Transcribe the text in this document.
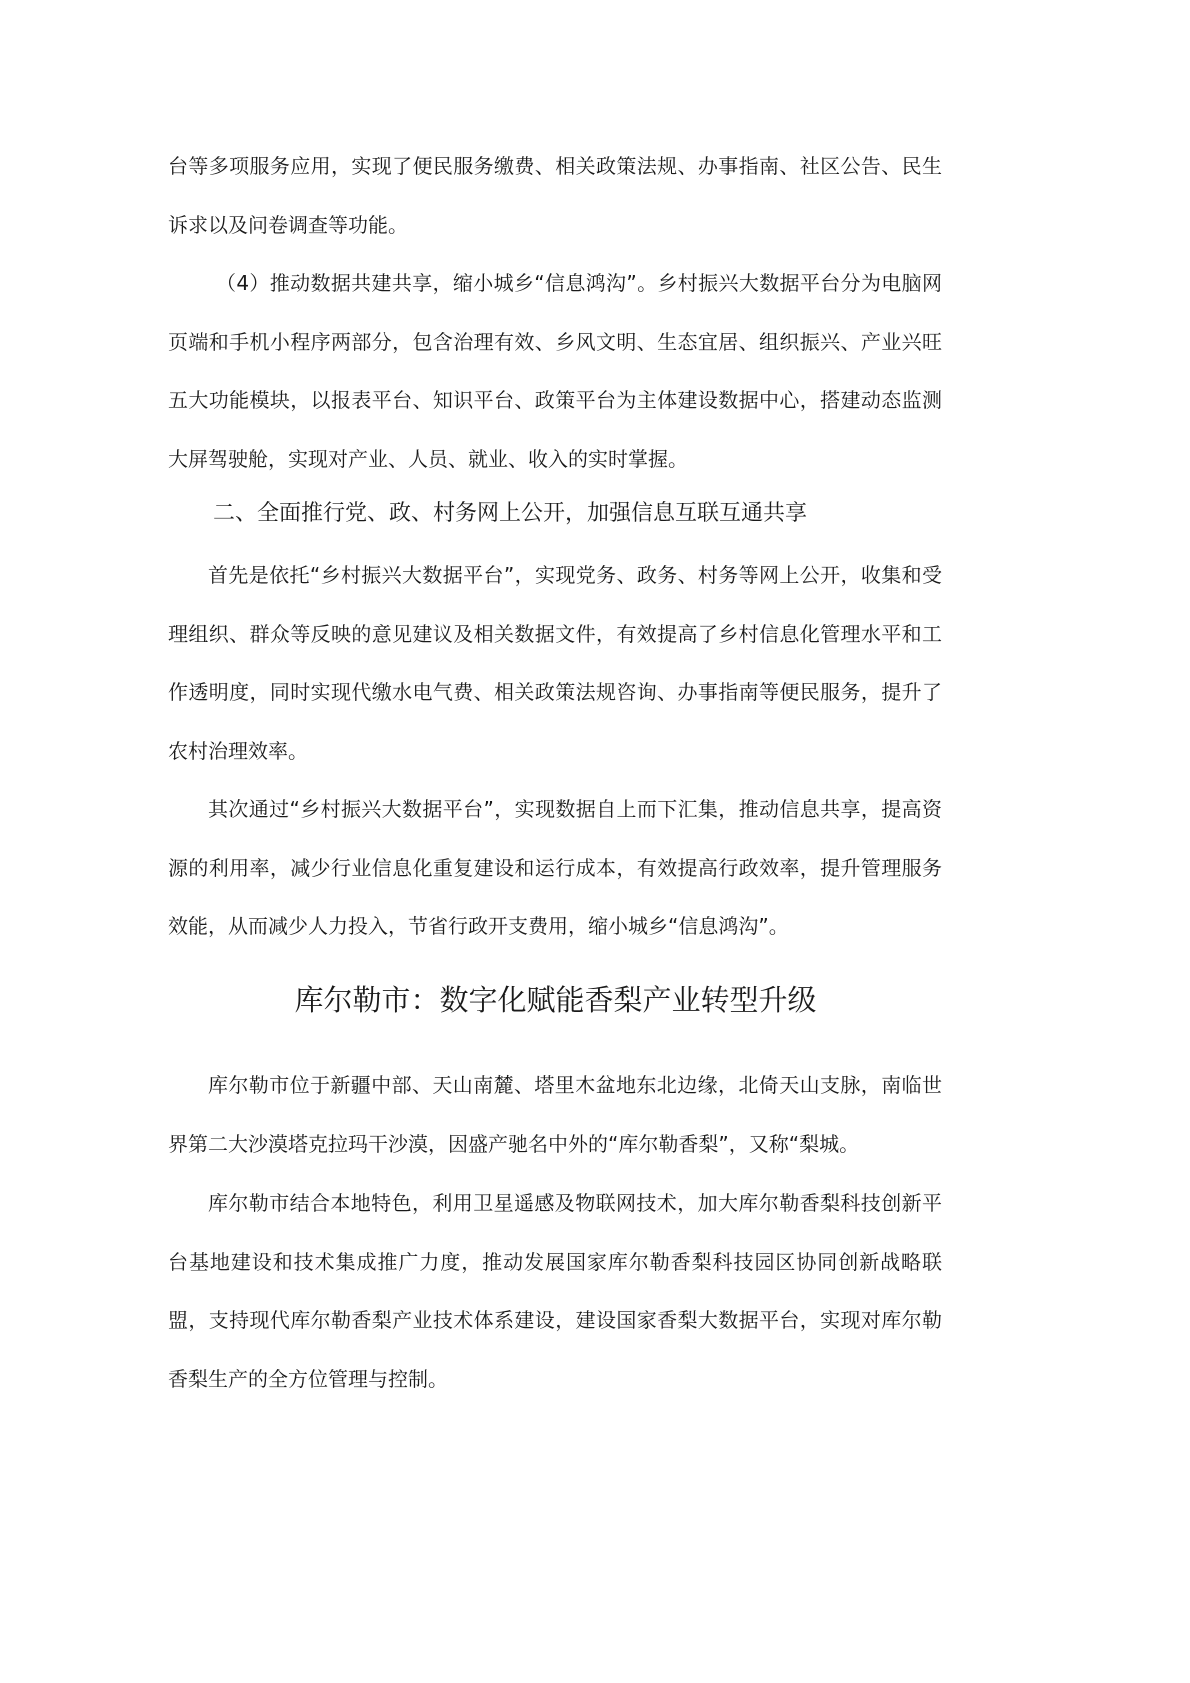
台等多项服务应用，实现了便民服务缴费、相关政策法规、办事指南、社区公告、民生诉求以及问卷调查等功能。

（4）推动数据共建共享，缩小城乡“信息鸿沟”。乡村振兴大数据平台分为电脑网页端和手机小程序两部分，包含治理有效、乡风文明、生态宜居、组织振兴、产业兴旺五大功能模块，以报表平台、知识平台、政策平台为主体建设数据中心，搭建动态监测大屏驾驶舱，实现对产业、人员、就业、收入的实时掌握。

二、全面推行党、政、村务网上公开，加强信息互联互通共享

首先是依托“乡村振兴大数据平台”，实现党务、政务、村务等网上公开，收集和受理组织、群众等反映的意见建议及相关数据文件，有效提高了乡村信息化管理水平和工作透明度，同时实现代缴水电气费、相关政策法规咨询、办事指南等便民服务，提升了农村治理效率。

其次通过“乡村振兴大数据平台”，实现数据自上而下汇集，推动信息共享，提高资源的利用率，减少行业信息化重复建设和运行成本，有效提高行政效率，提升管理服务效能，从而减少人力投入，节省行政开支费用，缩小城乡“信息鸿沟”。

库尔勒市：数字化赋能香梨产业转型升级

库尔勒市位于新疆中部、天山南麓、塔里木盆地东北边缘，北倚天山支脉，南临世界第二大沙漠塔克拉玛干沙漠，因盛产驰名中外的“库尔勒香梨”，又称“梨城。

库尔勒市结合本地特色，利用卫星遥感及物联网技术，加大库尔勒香梨科技创新平台基地建设和技术集成推广力度，推动发展国家库尔勒香梨科技园区协同创新战略联盟，支持现代库尔勒香梨产业技术体系建设，建设国家香梨大数据平台，实现对库尔勒香梨生产的全方位管理与控制。
